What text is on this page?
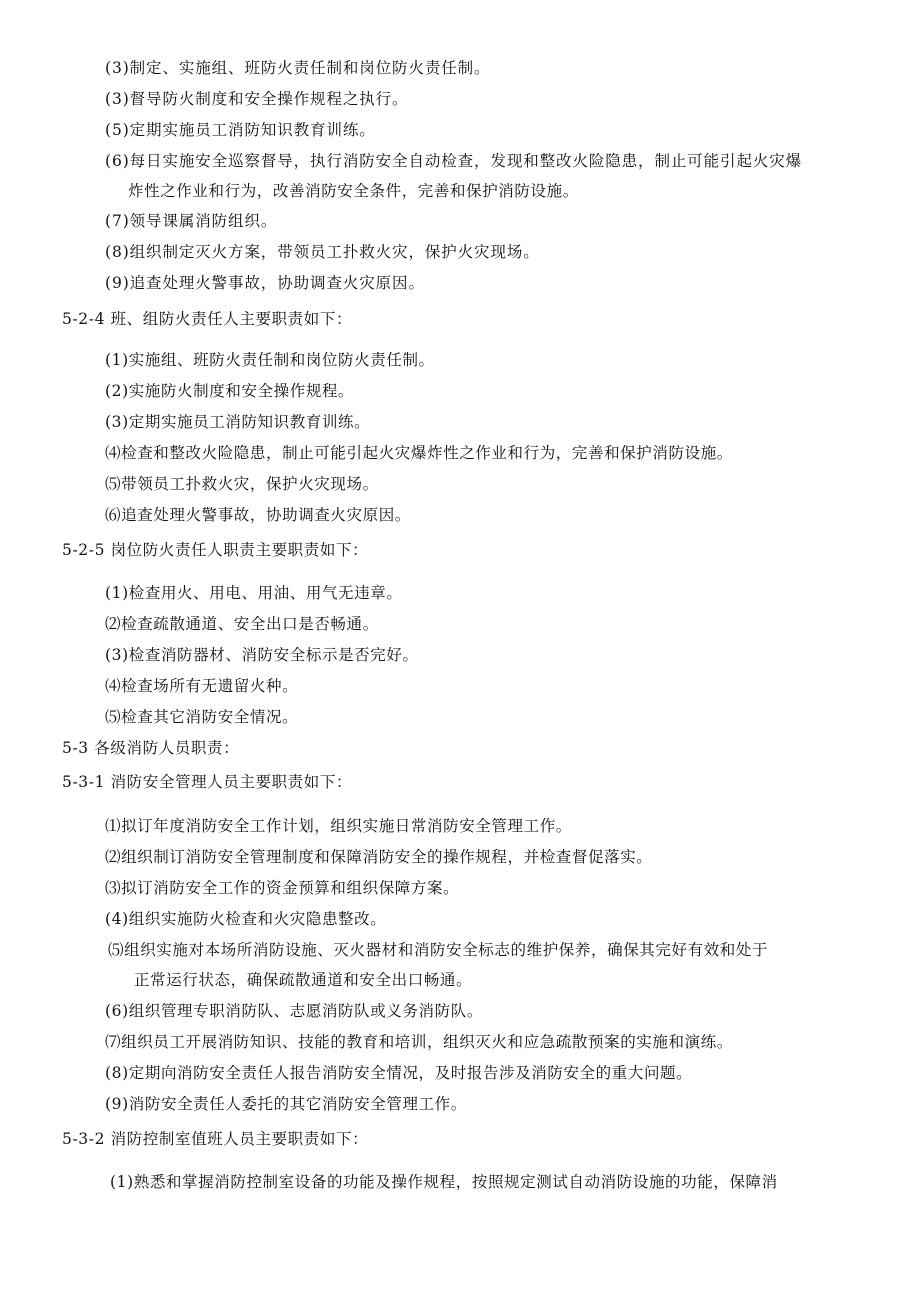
(3)制定、实施组、班防火责任制和岗位防火责任制。
(3)督导防火制度和安全操作规程之执行。
(5)定期实施员工消防知识教育训练。
(6)每日实施安全巡察督导，执行消防安全自动检查，发现和整改火险隐患，制止可能引起火灾爆
炸性之作业和行为，改善消防安全条件，完善和保护消防设施。
(7)领导课属消防组织。
(8)组织制定灭火方案，带领员工扑救火灾，保护火灾现场。
(9)追查处理火警事故，协助调查火灾原因。
5-2-4 班、组防火责任人主要职责如下：
(1)实施组、班防火责任制和岗位防火责任制。
(2)实施防火制度和安全操作规程。
(3)定期实施员工消防知识教育训练。
⑷检查和整改火险隐患，制止可能引起火灾爆炸性之作业和行为，完善和保护消防设施。
⑸带领员工扑救火灾，保护火灾现场。
⑹追查处理火警事故，协助调查火灾原因。
5-2-5 岗位防火责任人职责主要职责如下：
(1)检查用火、用电、用油、用气无违章。
⑵检查疏散通道、安全出口是否畅通。
(3)检查消防器材、消防安全标示是否完好。
⑷检查场所有无遗留火种。
⑸检查其它消防安全情况。
5-3 各级消防人员职责：
5-3-1 消防安全管理人员主要职责如下：
⑴拟订年度消防安全工作计划，组织实施日常消防安全管理工作。
⑵组织制订消防安全管理制度和保障消防安全的操作规程，并检查督促落实。
⑶拟订消防安全工作的资金预算和组织保障方案。
(4)组织实施防火检查和火灾隐患整改。
⑸组织实施对本场所消防设施、灭火器材和消防安全标志的维护保养，确保其完好有效和处于
正常运行状态，确保疏散通道和安全出口畅通。
(6)组织管理专职消防队、志愿消防队或义务消防队。
⑺组织员工开展消防知识、技能的教育和培训，组织灭火和应急疏散预案的实施和演练。
(8)定期向消防安全责任人报告消防安全情况，及时报告涉及消防安全的重大问题。
(9)消防安全责任人委托的其它消防安全管理工作。
5-3-2 消防控制室值班人员主要职责如下：
(1)熟悉和掌握消防控制室设备的功能及操作规程，按照规定测试自动消防设施的功能，保障消
